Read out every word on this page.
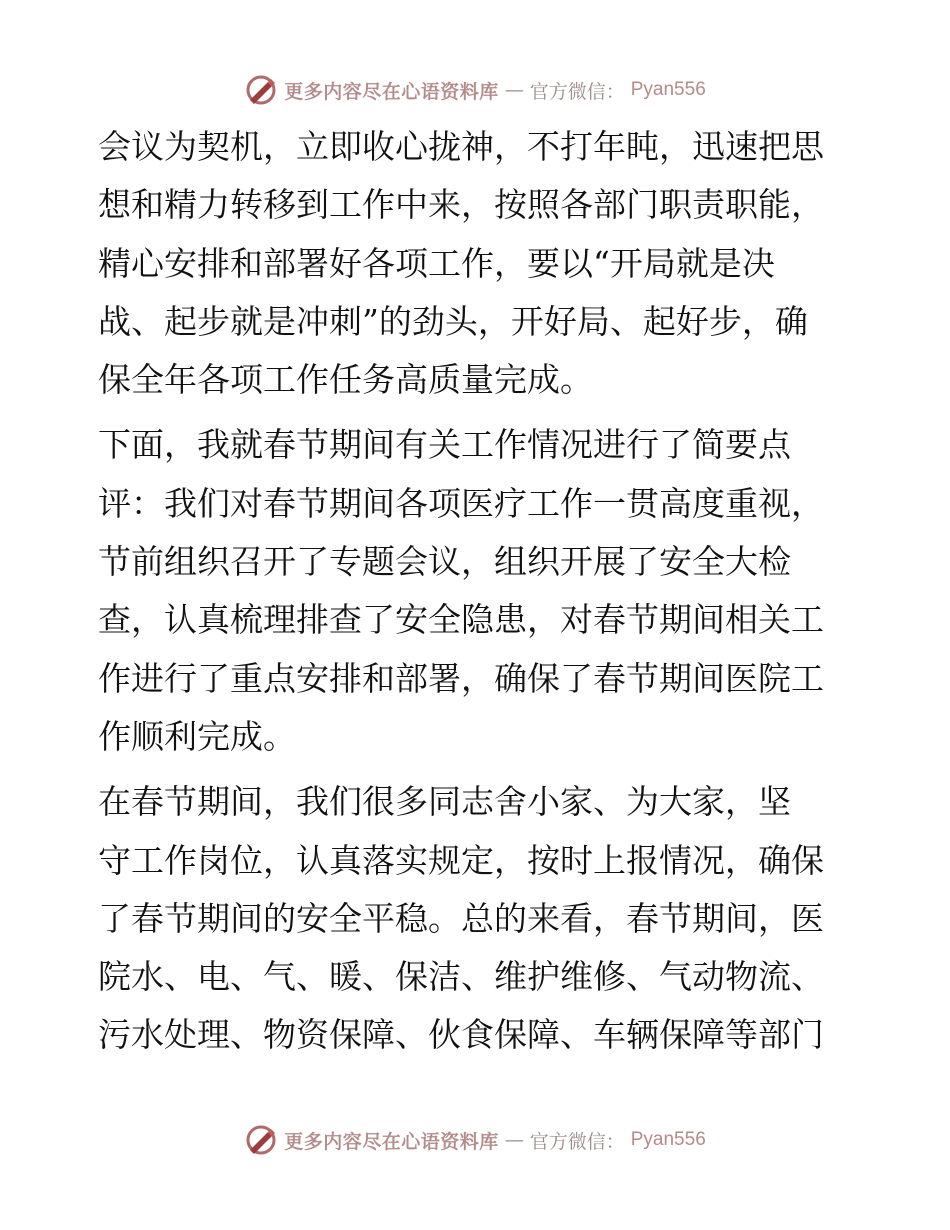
更多内容尽在心语资料库 — 官方微信： Pyan556
会议为契机，立即收心拢神，不打年盹，迅速把思
想和精力转移到工作中来，按照各部门职责职能，
精心安排和部署好各项工作，要以“开局就是决
战、起步就是冲刺”的劲头，开好局、起好步，确
保全年各项工作任务高质量完成。
下面，我就春节期间有关工作情况进行了简要点
评：我们对春节期间各项医疗工作一贯高度重视，
节前组织召开了专题会议，组织开展了安全大检
查，认真梳理排查了安全隐患，对春节期间相关工
作进行了重点安排和部署，确保了春节期间医院工
作顺利完成。
在春节期间，我们很多同志舍小家、为大家，坚
守工作岗位，认真落实规定，按时上报情况，确保
了春节期间的安全平稳。总的来看，春节期间，医
院水、电、气、暖、保洁、维护维修、气动物流、
污水处理、物资保障、伙食保障、车辆保障等部门
更多内容尽在心语资料库 — 官方微信： Pyan556
